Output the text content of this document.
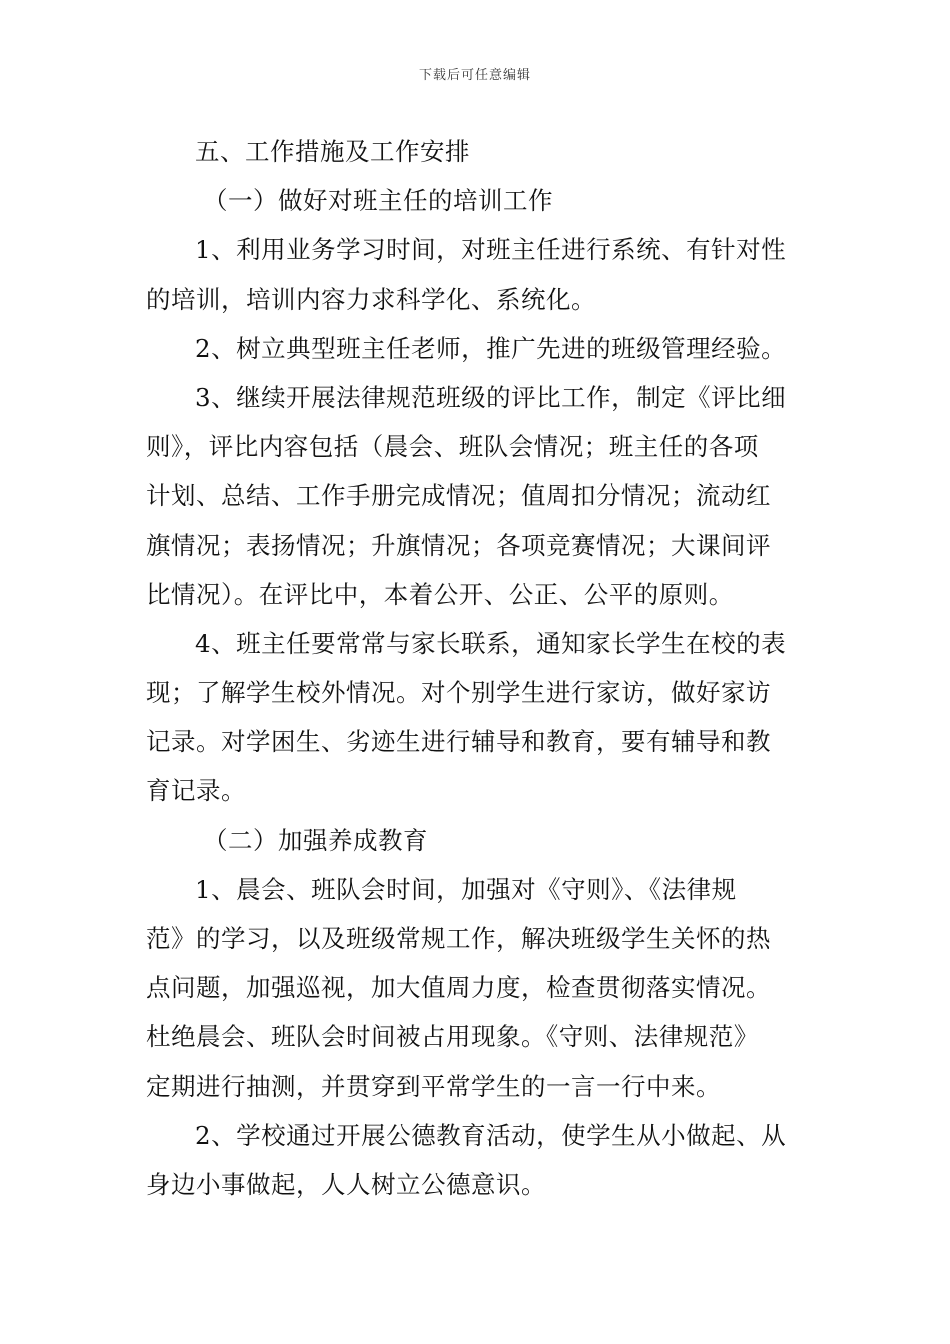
下载后可任意编辑
五、工作措施及工作安排
（一）做好对班主任的培训工作
1、利用业务学习时间，对班主任进行系统、有针对性
的培训，培训内容力求科学化、系统化。
2、树立典型班主任老师，推广先进的班级管理经验。
3、继续开展法律规范班级的评比工作，制定《评比细
则》，评比内容包括（晨会、班队会情况；班主任的各项
计划、总结、工作手册完成情况；值周扣分情况；流动红
旗情况；表扬情况；升旗情况；各项竞赛情况；大课间评
比情况）。在评比中，本着公开、公正、公平的原则。
4、班主任要常常与家长联系，通知家长学生在校的表
现；了解学生校外情况。对个别学生进行家访，做好家访
记录。对学困生、劣迹生进行辅导和教育，要有辅导和教
育记录。
（二）加强养成教育
1、晨会、班队会时间，加强对《守则》、《法律规
范》的学习，以及班级常规工作，解决班级学生关怀的热
点问题，加强巡视，加大值周力度，检查贯彻落实情况。
杜绝晨会、班队会时间被占用现象。《守则、法律规范》
定期进行抽测，并贯穿到平常学生的一言一行中来。
2、学校通过开展公德教育活动，使学生从小做起、从
身边小事做起，人人树立公德意识。
